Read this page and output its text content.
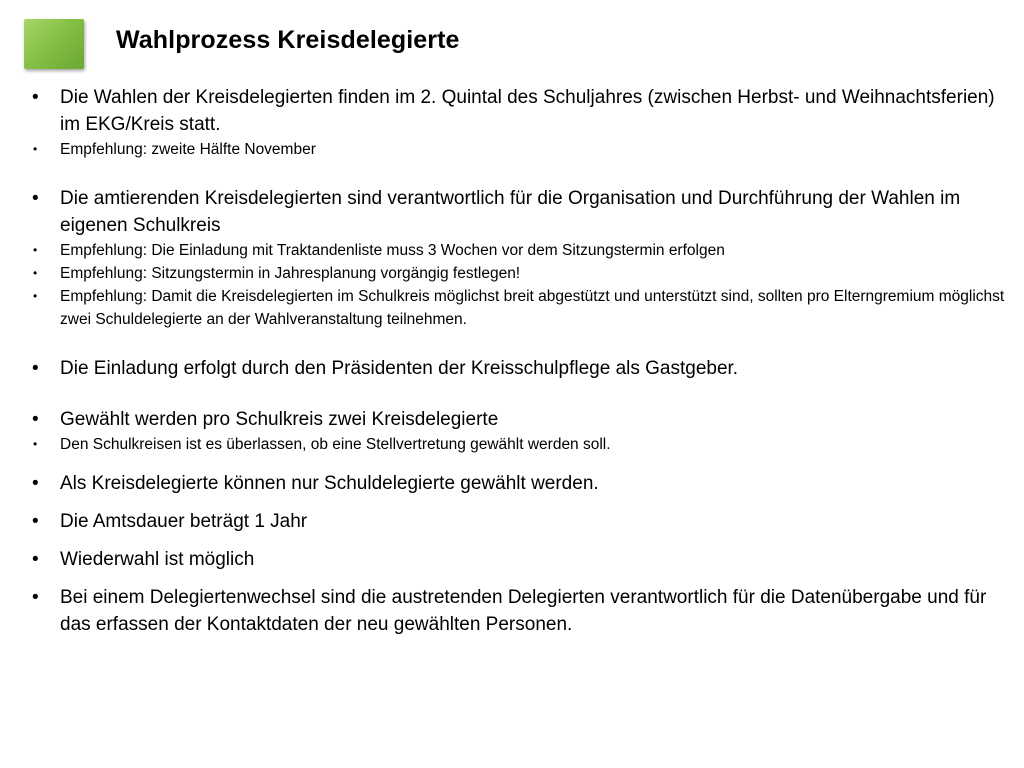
Wahlprozess Kreisdelegierte
• Die Wahlen der Kreisdelegierten finden im 2. Quintal des Schuljahres (zwischen Herbst- und Weihnachtsferien) im EKG/Kreis statt.
• Empfehlung: zweite Hälfte November
• Die amtierenden Kreisdelegierten sind verantwortlich für die Organisation und Durchführung der Wahlen im eigenen Schulkreis
• Empfehlung: Die Einladung mit Traktandenliste muss 3 Wochen vor dem Sitzungstermin erfolgen
• Empfehlung: Sitzungstermin in Jahresplanung vorgängig festlegen!
• Empfehlung: Damit die Kreisdelegierten im Schulkreis möglichst breit abgestützt und unterstützt sind, sollten pro Elterngremium möglichst zwei Schuldelegierte an der Wahlveranstaltung teilnehmen.
• Die Einladung erfolgt durch den Präsidenten der Kreisschulpflege als Gastgeber.
• Gewählt werden pro Schulkreis zwei Kreisdelegierte
• Den Schulkreisen ist es überlassen, ob eine Stellvertretung gewählt werden soll.
• Als Kreisdelegierte können nur Schuldelegierte gewählt werden.
• Die Amtsdauer beträgt 1 Jahr
• Wiederwahl ist möglich
• Bei einem Delegiertenwechsel sind die austretenden Delegierten verantwortlich für die Datenübergabe und für das erfassen der Kontaktdaten der neu gewählten Personen.
